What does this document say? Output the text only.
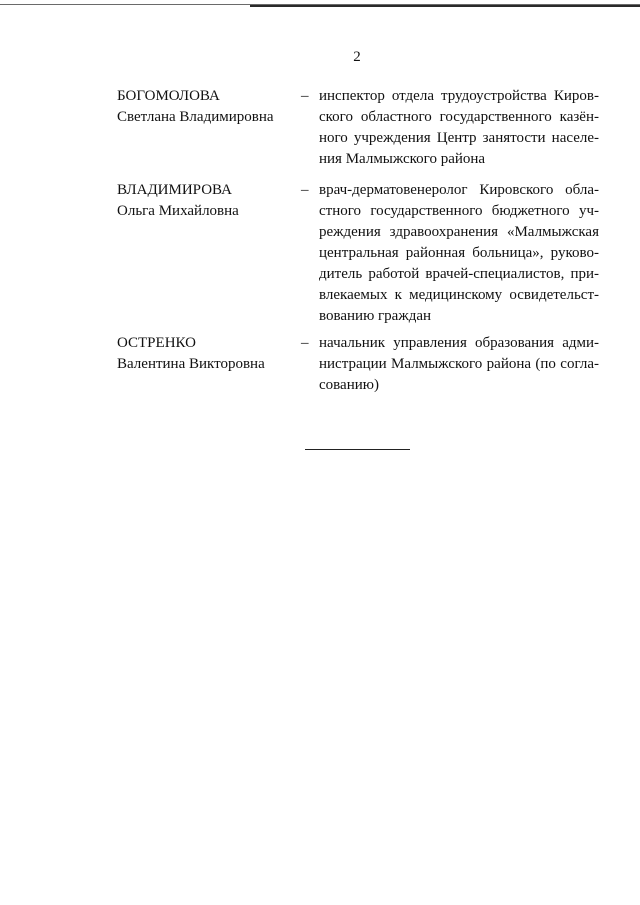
2
БОГОМОЛОВА
Светлана Владимировна
– инспектор отдела трудоустройства Киров-
ского областного государственного казён-
ного учреждения Центр занятости населе-
ния Малмыжского района
ВЛАДИМИРОВА
Ольга Михайловна
– врач-дерматовенеролог Кировского обла-
стного государственного бюджетного уч-
реждения здравоохранения «Малмыжская
центральная районная больница», руково-
дитель работой врачей-специалистов, при-
влекаемых к медицинскому освидетельст-
вованию граждан
ОСТРЕНКО
Валентина Викторовна
– начальник управления образования адми-
нистрации Малмыжского района (по согла-
сованию)
